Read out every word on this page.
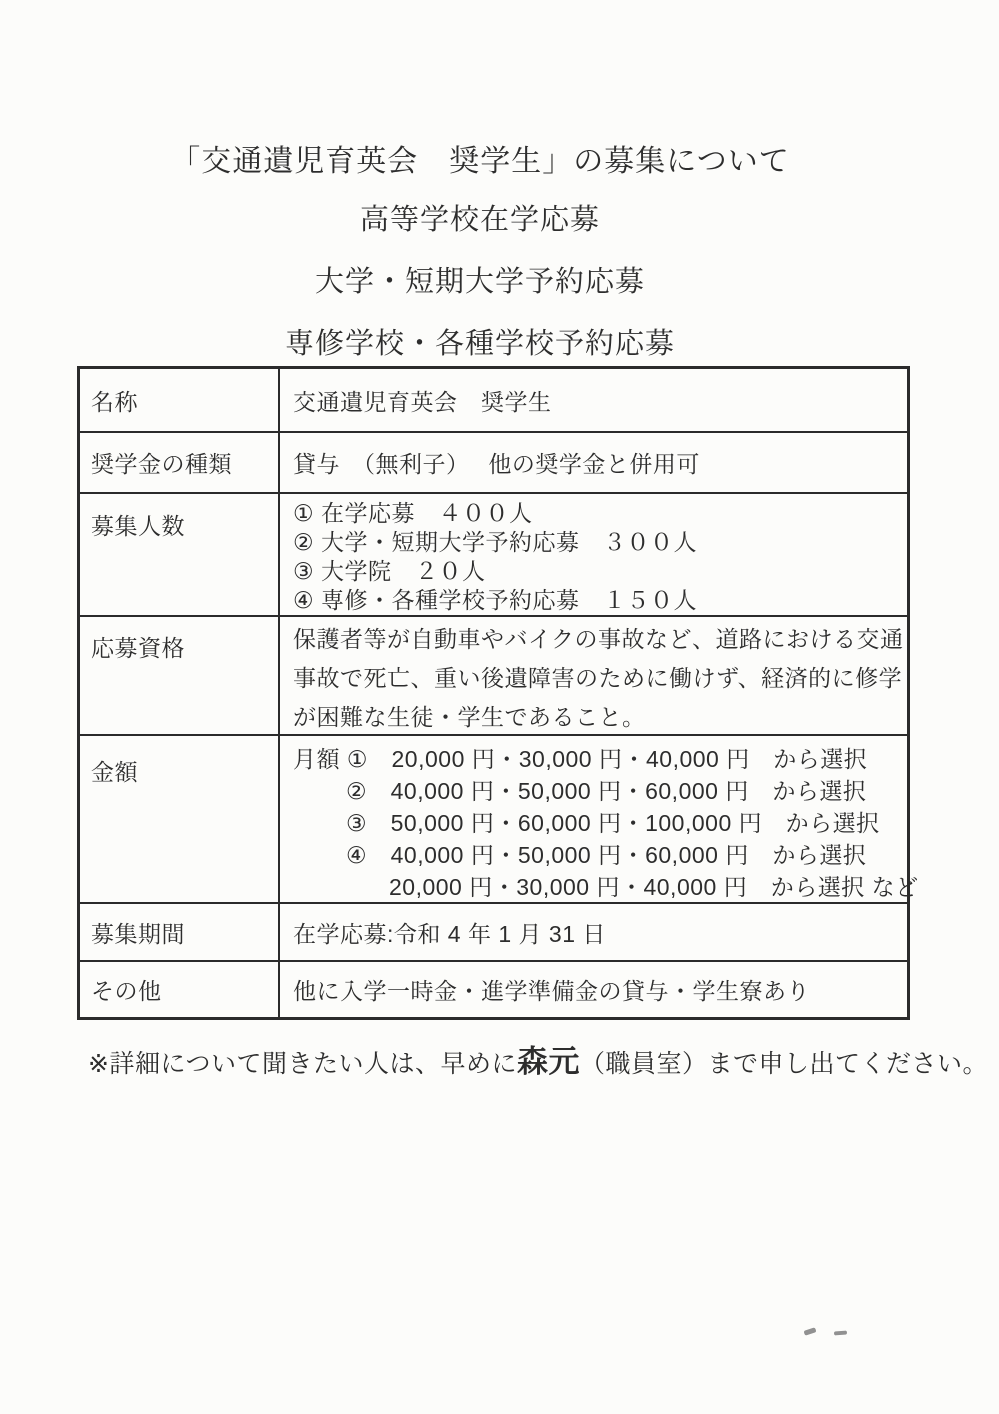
「交通遺児育英会　奨学生」の募集について
高等学校在学応募
大学・短期大学予約応募
専修学校・各種学校予約応募
名称	交通遺児育英会　奨学生
奨学金の種類	貸与　（無利子）　 他の奨学金と併用可
募集人数	① 在学応募　４００人
② 大学・短期大学予約応募　３００人
③ 大学院　２０人
④ 専修・各種学校予約応募　１５０人
応募資格	保護者等が自動車やバイクの事故など、道路における交通
事故で死亡、重い後遺障害のために働けず、経済的に修学
が困難な生徒・学生であること。
金額	月額 ①　20,000 円・30,000 円・40,000 円　から選択
②　40,000 円・50,000 円・60,000 円　から選択
③　50,000 円・60,000 円・100,000 円　から選択
④　40,000 円・50,000 円・60,000 円　から選択
20,000 円・30,000 円・40,000 円　から選択 など
募集期間	在学応募:令和 4 年 1 月 31 日
その他	他に入学一時金・進学準備金の貸与・学生寮あり
※詳細について聞きたい人は、早めに森元（職員室）まで申し出てください。
